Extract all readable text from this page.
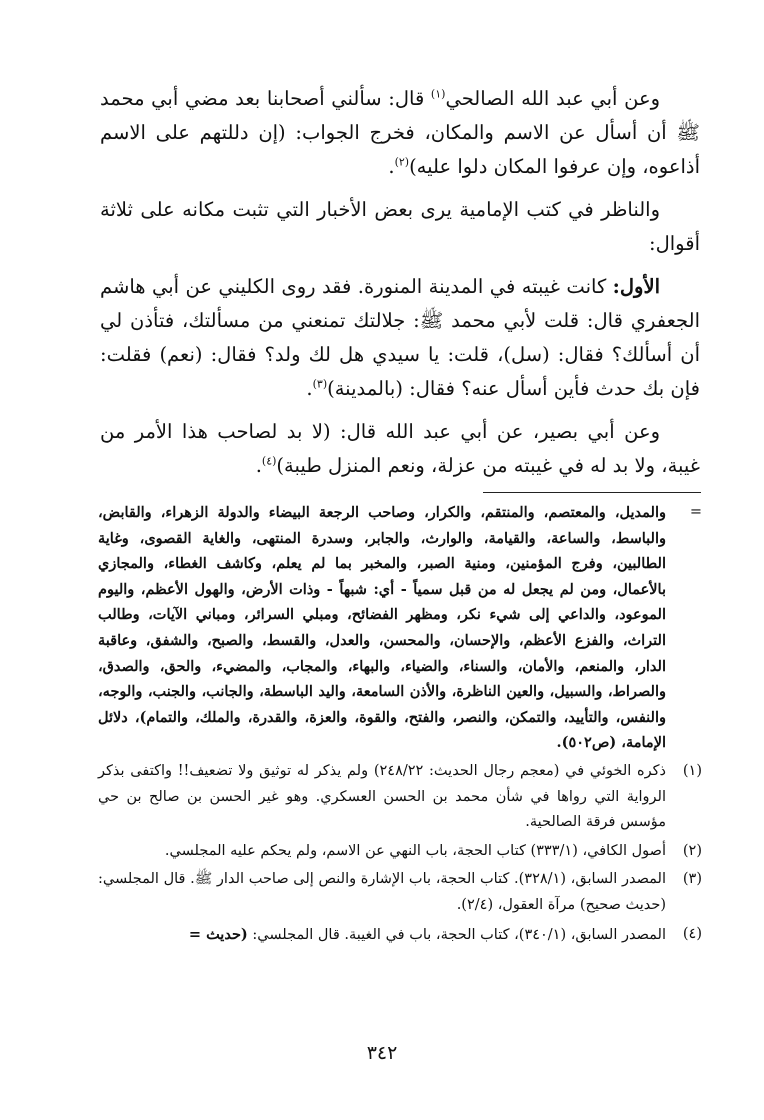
وعن أبي عبد الله الصالحي$^{(١)}$ قال: سألني أصحابنا بعد مضي أبي محمد ﷺ أن أسأل عن الاسم والمكان، فخرج الجواب: (إن دللتهم على الاسم أذاعوه، وإن عرفوا المكان دلوا عليه)$^{(٢)}$.

والناظر في كتب الإمامية يرى بعض الأخبار التي تثبت مكانه على ثلاثة أقوال:

الأول: كانت غيبته في المدينة المنورة. فقد روى الكليني عن أبي هاشم الجعفري قال: قلت لأبي محمد ﷺ: جلالتك تمنعني من مسألتك، فتأذن لي أن أسألك؟ فقال: (سل)، قلت: يا سيدي هل لك ولد؟ فقال: (نعم) فقلت: فإن بك حدث فأين أسأل عنه؟ فقال: (بالمدينة)$^{(٣)}$.

وعن أبي بصير، عن أبي عبد الله قال: (لا بد لصاحب هذا الأمر من غيبة، ولا بد له في غيبته من عزلة، ونعم المنزل طيبة)$^{(٤)}$.

=
والمديل، والمعتصم، والمنتقم، والكرار، وصاحب الرجعة البيضاء والدولة الزهراء، والقابض، والباسط، والساعة، والقيامة، والوارث، والجابر، وسدرة المنتهى، والغاية القصوى، وغاية الطالبين، وفرج المؤمنين، ومنية الصبر، والمخبر بما لم يعلم، وكاشف الغطاء، والمجازي بالأعمال، ومن لم يجعل له من قبل سمياً - أي: شبهاً - وذات الأرض، والهول الأعظم، واليوم الموعود، والداعي إلى شيء نكر، ومظهر الفضائح، ومبلي السرائر، ومباني الآيات، وطالب التراث، والفزع الأعظم، والإحسان، والمحسن، والعدل، والقسط، والصبح، والشفق، وعاقبة الدار، والمنعم، والأمان، والسناء، والضياء، والبهاء، والمجاب، والمضيء، والحق، والصدق، والصراط، والسبيل، والعين الناظرة، والأذن السامعة، واليد الباسطة، والجانب، والجنب، والوجه، والنفس، والتأييد، والتمكن، والنصر، والفتح، والقوة، والعزة، والقدرة، والملك، والتمام)، دلائل الإمامة، (ص٥٠٢).
(١)
ذكره الخوئي في (معجم رجال الحديث: ٢٤٨/٢٢) ولم يذكر له توثيق ولا تضعيف!! واكتفى بذكر الرواية التي رواها في شأن محمد بن الحسن العسكري. وهو غير الحسن بن صالح بن حي مؤسس فرقة الصالحية.
(٢)
أصول الكافي، (٣٣٣/١) كتاب الحجة، باب النهي عن الاسم، ولم يحكم عليه المجلسي.
(٣)
المصدر السابق، (٣٢٨/١). كتاب الحجة، باب الإشارة والنص إلى صاحب الدار ﷺ. قال المجلسي: (حديث صحيح) مرآة العقول، (٢/٤).
(٤)
المصدر السابق، (٣٤٠/١)، كتاب الحجة، باب في الغيبة. قال المجلسي: (حديث =
٣٤٢
